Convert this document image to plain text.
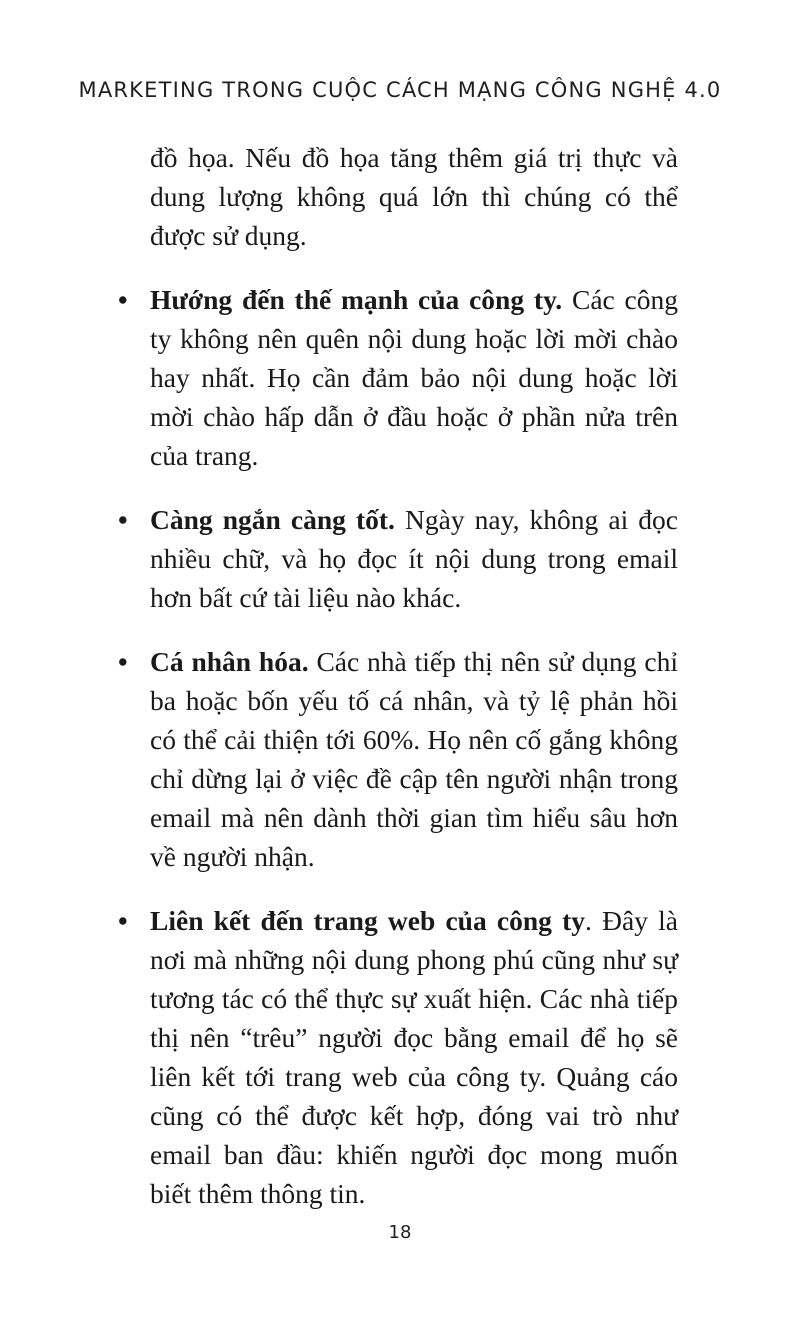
MARKETING TRONG CUỘC CÁCH MẠNG CÔNG NGHỆ 4.0

đồ họa. Nếu đồ họa tăng thêm giá trị thực và dung lượng không quá lớn thì chúng có thể được sử dụng.

• Hướng đến thế mạnh của công ty. Các công ty không nên quên nội dung hoặc lời mời chào hay nhất. Họ cần đảm bảo nội dung hoặc lời mời chào hấp dẫn ở đầu hoặc ở phần nửa trên của trang.
• Càng ngắn càng tốt. Ngày nay, không ai đọc nhiều chữ, và họ đọc ít nội dung trong email hơn bất cứ tài liệu nào khác.
• Cá nhân hóa. Các nhà tiếp thị nên sử dụng chỉ ba hoặc bốn yếu tố cá nhân, và tỷ lệ phản hồi có thể cải thiện tới 60%. Họ nên cố gắng không chỉ dừng lại ở việc đề cập tên người nhận trong email mà nên dành thời gian tìm hiểu sâu hơn về người nhận.
• Liên kết đến trang web của công ty. Đây là nơi mà những nội dung phong phú cũng như sự tương tác có thể thực sự xuất hiện. Các nhà tiếp thị nên “trêu” người đọc bằng email để họ sẽ liên kết tới trang web của công ty. Quảng cáo cũng có thể được kết hợp, đóng vai trò như email ban đầu: khiến người đọc mong muốn biết thêm thông tin.
18
